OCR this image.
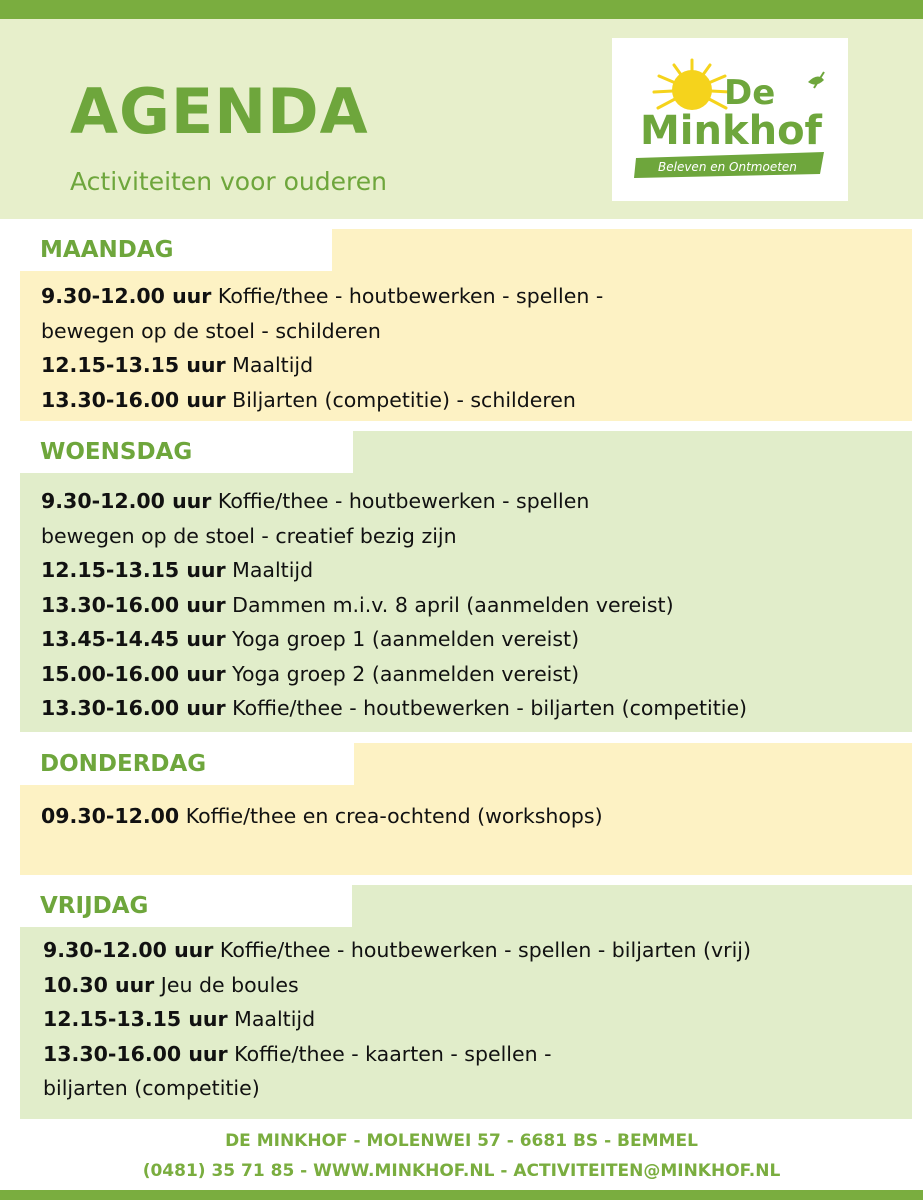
AGENDA

Activiteiten voor ouderen

De
Minkhof
Beleven en Ontmoeten
MAANDAG
9.30-12.00 uur Koffie/thee - houtbewerken - spellen -
bewegen op de stoel - schilderen
12.15-13.15 uur Maaltijd
13.30-16.00 uur Biljarten (competitie) - schilderen
WOENSDAG
9.30-12.00 uur Koffie/thee - houtbewerken - spellen
bewegen op de stoel - creatief bezig zijn
12.15-13.15 uur Maaltijd
13.30-16.00 uur Dammen m.i.v. 8 april (aanmelden vereist)
13.45-14.45 uur Yoga groep 1 (aanmelden vereist)
15.00-16.00 uur Yoga groep 2 (aanmelden vereist)
13.30-16.00 uur Koffie/thee - houtbewerken - biljarten (competitie)
DONDERDAG
09.30-12.00 Koffie/thee en crea-ochtend (workshops)
VRIJDAG
9.30-12.00 uur Koffie/thee - houtbewerken - spellen - biljarten (vrij)
10.30 uur Jeu de boules
12.15-13.15 uur Maaltijd
13.30-16.00 uur Koffie/thee - kaarten - spellen -
biljarten (competitie)
DE MINKHOF - MOLENWEI 57 - 6681 BS - BEMMEL
(0481) 35 71 85 - WWW.MINKHOF.NL - ACTIVITEITEN@MINKHOF.NL
